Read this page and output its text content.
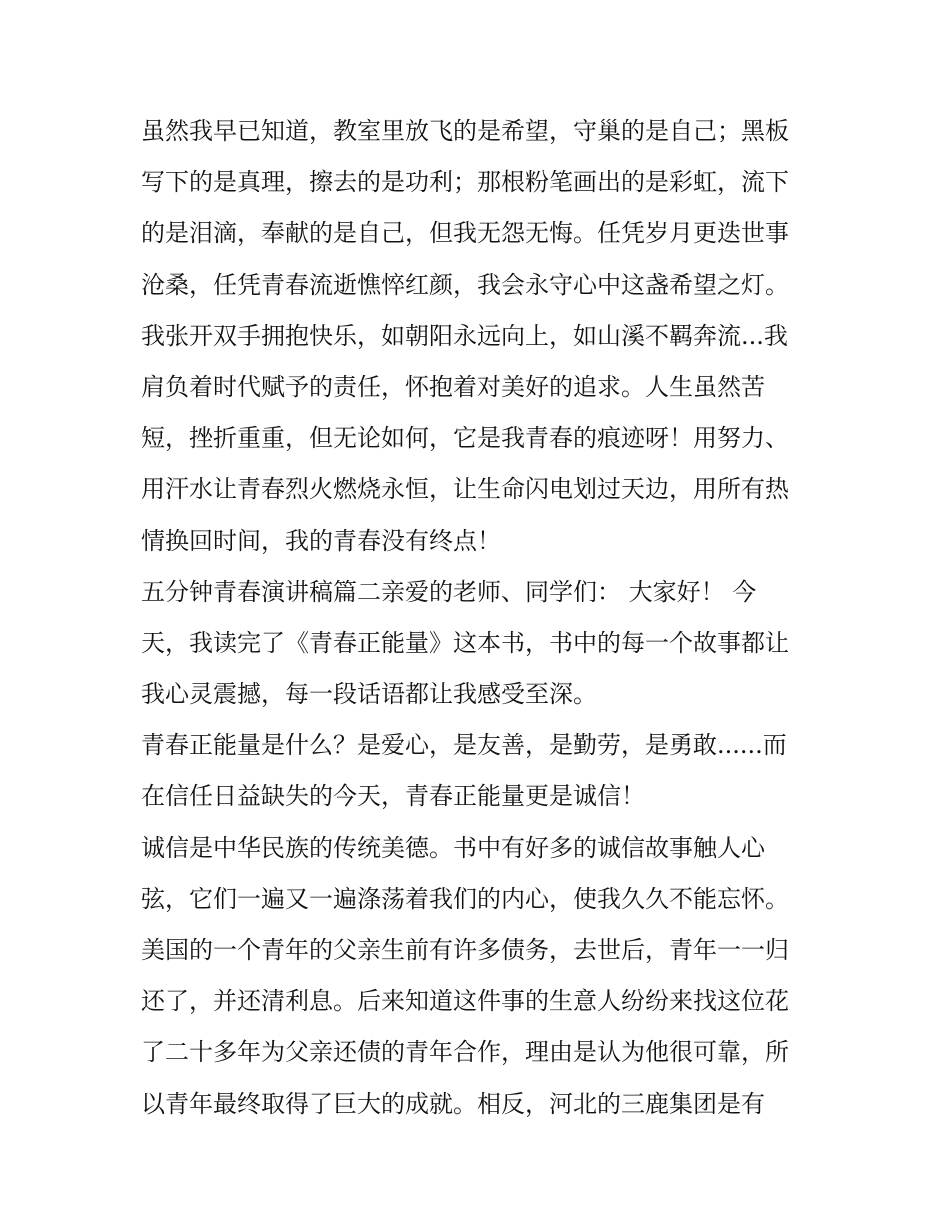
虽然我早已知道，教室里放飞的是希望，守巢的是自己；黑板
写下的是真理，擦去的是功利；那根粉笔画出的是彩虹，流下
的是泪滴，奉献的是自己，但我无怨无悔。任凭岁月更迭世事
沧桑，任凭青春流逝憔悴红颜，我会永守心中这盏希望之灯。
我张开双手拥抱快乐，如朝阳永远向上，如山溪不羁奔流...我
肩负着时代赋予的责任，怀抱着对美好的追求。人生虽然苦
短，挫折重重，但无论如何，它是我青春的痕迹呀！用努力、
用汗水让青春烈火燃烧永恒，让生命闪电划过天边，用所有热
情换回时间，我的青春没有终点！
五分钟青春演讲稿篇二亲爱的老师、同学们： 大家好！ 今
天，我读完了《青春正能量》这本书，书中的每一个故事都让
我心灵震撼，每一段话语都让我感受至深。
青春正能量是什么？是爱心，是友善，是勤劳，是勇敢......而
在信任日益缺失的今天，青春正能量更是诚信！
诚信是中华民族的传统美德。书中有好多的诚信故事触人心
弦，它们一遍又一遍涤荡着我们的内心，使我久久不能忘怀。
美国的一个青年的父亲生前有许多债务，去世后，青年一一归
还了，并还清利息。后来知道这件事的生意人纷纷来找这位花
了二十多年为父亲还债的青年合作，理由是认为他很可靠，所
以青年最终取得了巨大的成就。相反，河北的三鹿集团是有
